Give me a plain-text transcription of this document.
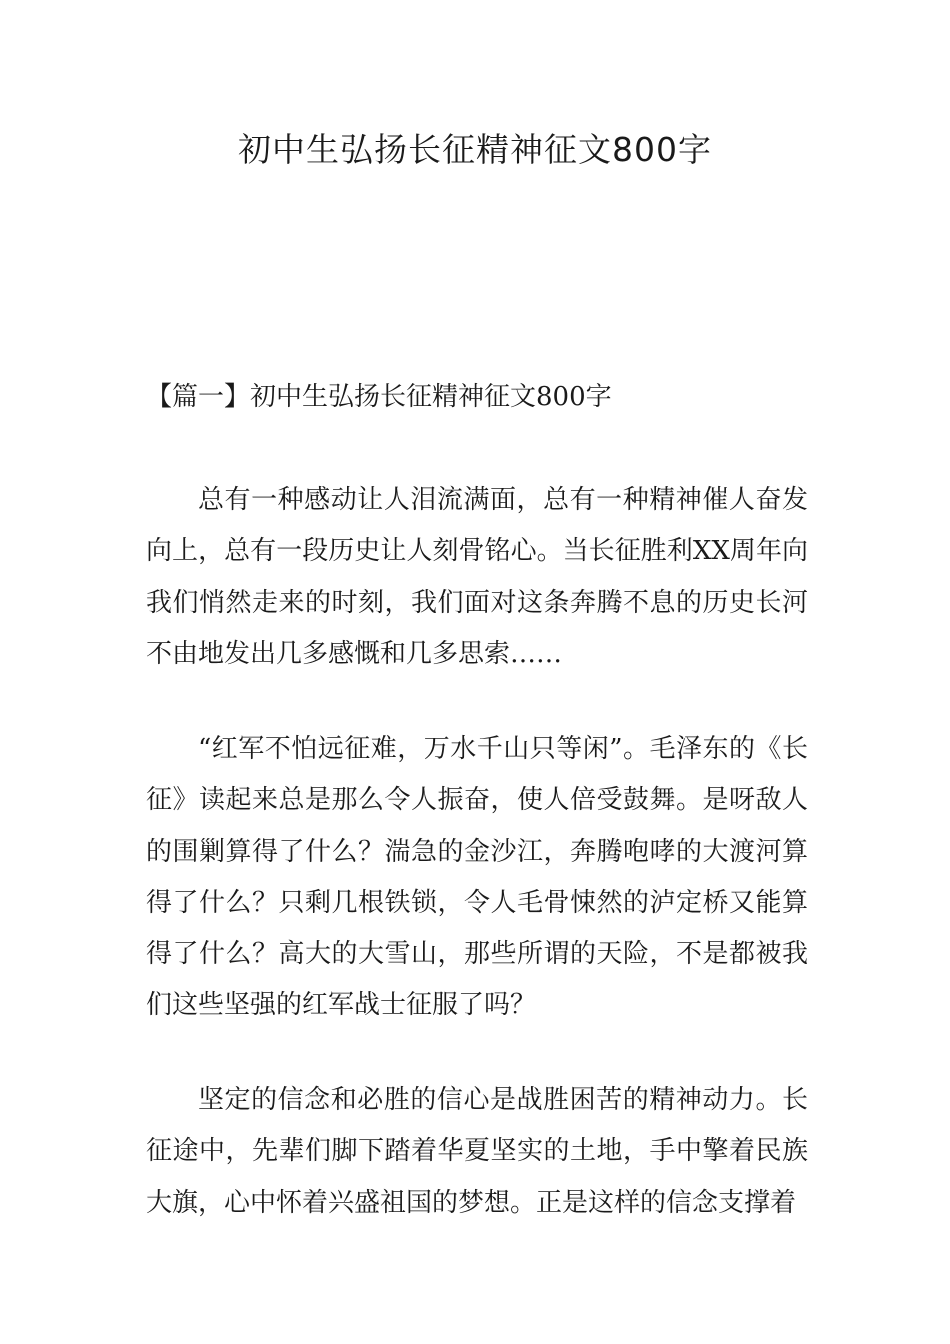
初中生弘扬长征精神征文800字

【篇一】初中生弘扬长征精神征文800字

总有一种感动让人泪流满面，总有一种精神催人奋发向上，总有一段历史让人刻骨铭心。当长征胜利XX周年向我们悄然走来的时刻，我们面对这条奔腾不息的历史长河不由地发出几多感慨和几多思索……

“红军不怕远征难，万水千山只等闲”。毛泽东的《长征》读起来总是那么令人振奋，使人倍受鼓舞。是呀敌人的围剿算得了什么？湍急的金沙江，奔腾咆哮的大渡河算得了什么？只剩几根铁锁，令人毛骨悚然的泸定桥又能算得了什么？高大的大雪山，那些所谓的天险，不是都被我们这些坚强的红军战士征服了吗？

坚定的信念和必胜的信心是战胜困苦的精神动力。长征途中，先辈们脚下踏着华夏坚实的土地，手中擎着民族大旗，心中怀着兴盛祖国的梦想。正是这样的信念支撑着
